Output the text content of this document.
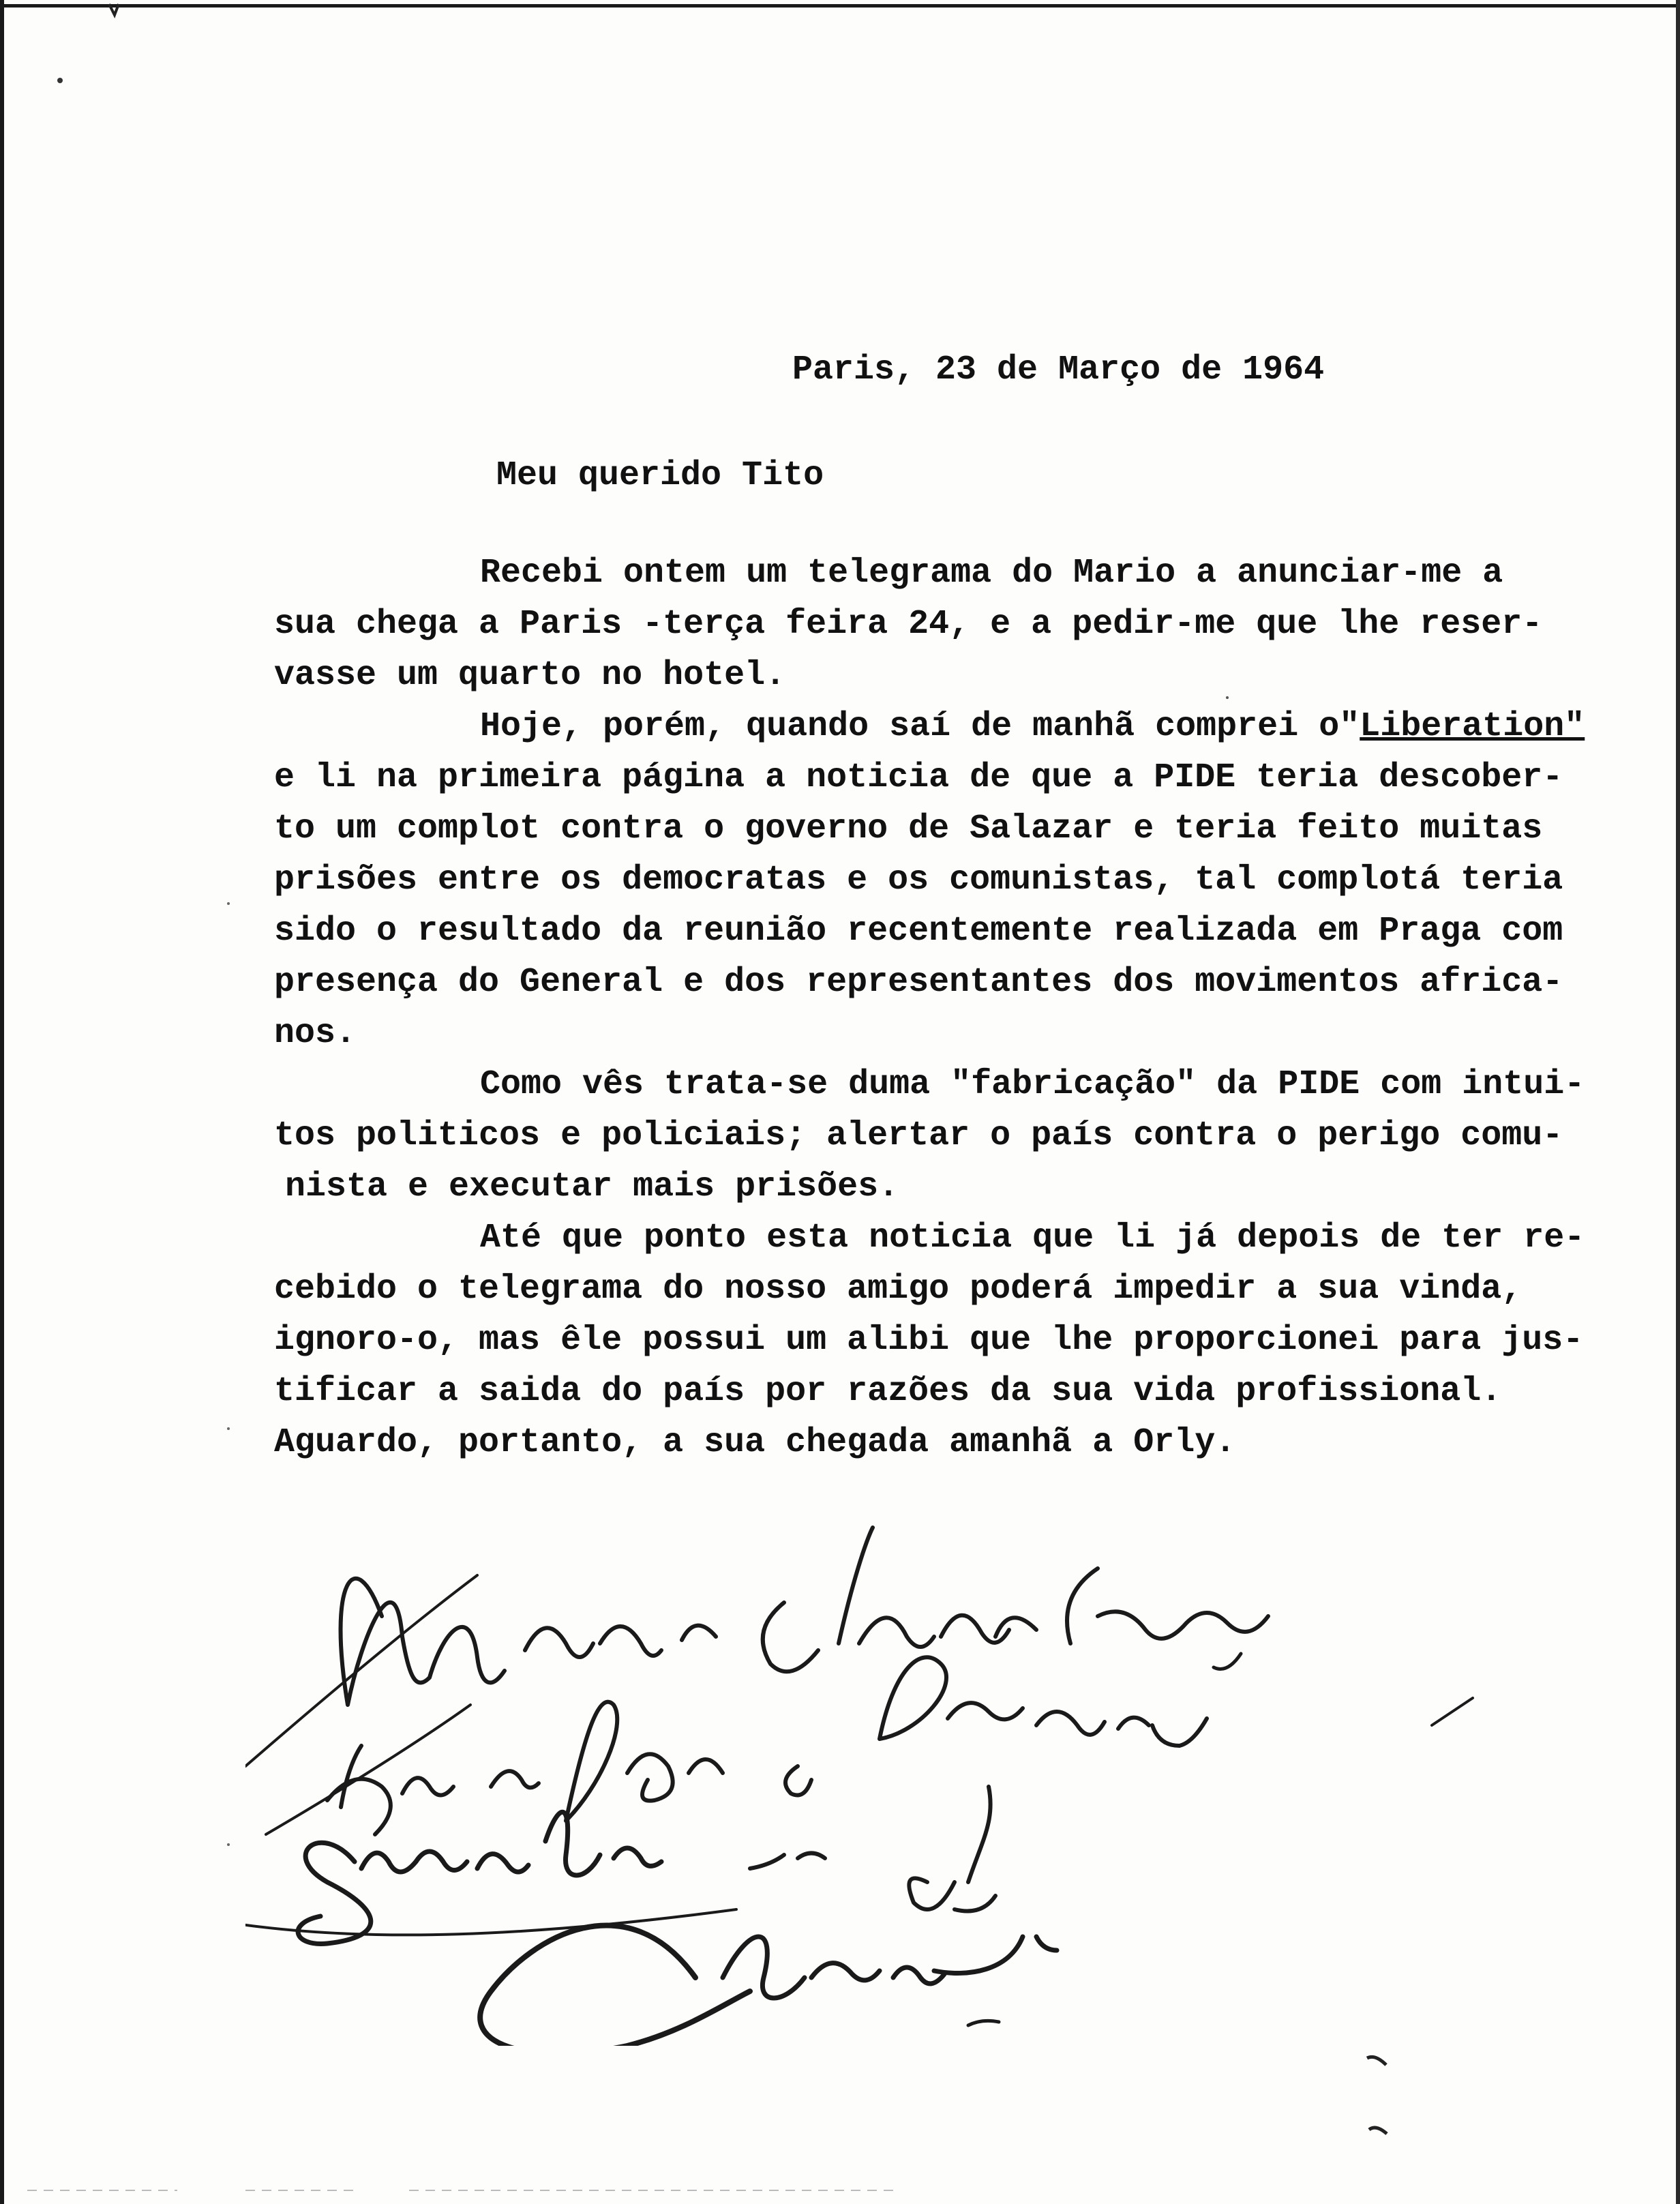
Paris, 23 de Março de 1964
Meu querido Tito
Recebi ontem um telegrama do Mario a anunciar-me a
sua chega a Paris -terça feira 24, e a pedir-me que lhe reser-
vasse um quarto no hotel.
Hoje, porém, quando saí de manhã comprei o"Liberation"
e li na primeira página a noticia de que a PIDE teria descober-
to um complot contra o governo de Salazar e teria feito muitas
prisões entre os democratas e os comunistas, tal complotá teria
sido o resultado da reunião recentemente realizada em Praga com
presença do General e dos representantes dos movimentos africa-
nos.
Como vês trata-se duma "fabricação" da PIDE com intui-
tos politicos e policiais; alertar o país contra o perigo comu-
nista e executar mais prisões.
Até que ponto esta noticia que li já depois de ter re-
cebido o telegrama do nosso amigo poderá impedir a sua vinda,
ignoro-o, mas êle possui um alibi que lhe proporcionei para jus-
tificar a saida do país por razões da sua vida profissional.
Aguardo, portanto, a sua chegada amanhã a Orly.
